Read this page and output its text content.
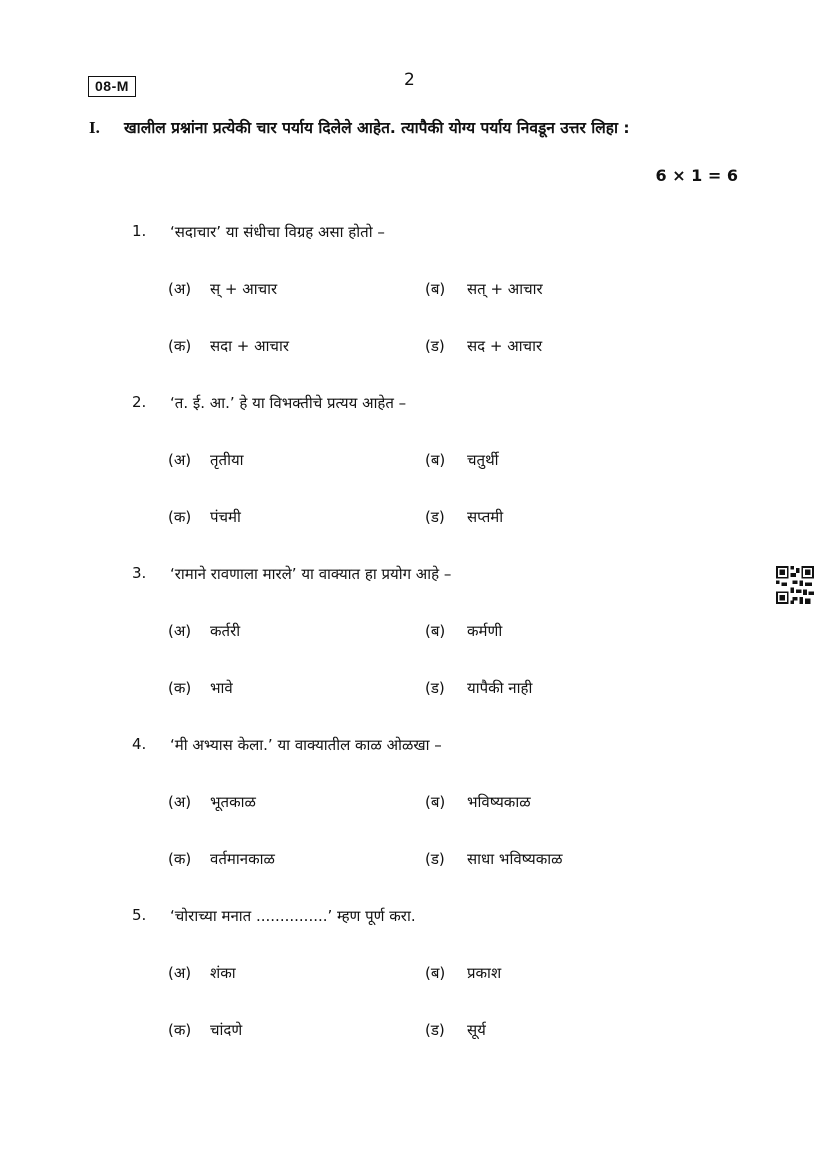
08-M	2
I. खालील प्रश्नांना प्रत्येकी चार पर्याय दिलेले आहेत. त्यापैकी योग्य पर्याय निवडून उत्तर लिहा :
6 × 1 = 6
1. ‘सदाचार’ या संधीचा विग्रह असा होतो –
(अ) स् + आचार	(ब) सत् + आचार
(क) सदा + आचार	(ड) सद + आचार
2. ‘त. ई. आ.’ हे या विभक्तीचे प्रत्यय आहेत –
(अ) तृतीया	(ब) चतुर्थी
(क) पंचमी	(ड) सप्तमी
3. ‘रामाने रावणाला मारले’ या वाक्यात हा प्रयोग आहे –
(अ) कर्तरी	(ब) कर्मणी
(क) भावे	(ड) यापैकी नाही
4. ‘मी अभ्यास केला.’ या वाक्यातील काळ ओळखा –
(अ) भूतकाळ	(ब) भविष्यकाळ
(क) वर्तमानकाळ	(ड) साधा भविष्यकाळ
5. ‘चोराच्या मनात ...............’ म्हण पूर्ण करा.
(अ) शंका	(ब) प्रकाश
(क) चांदणे	(ड) सूर्य
